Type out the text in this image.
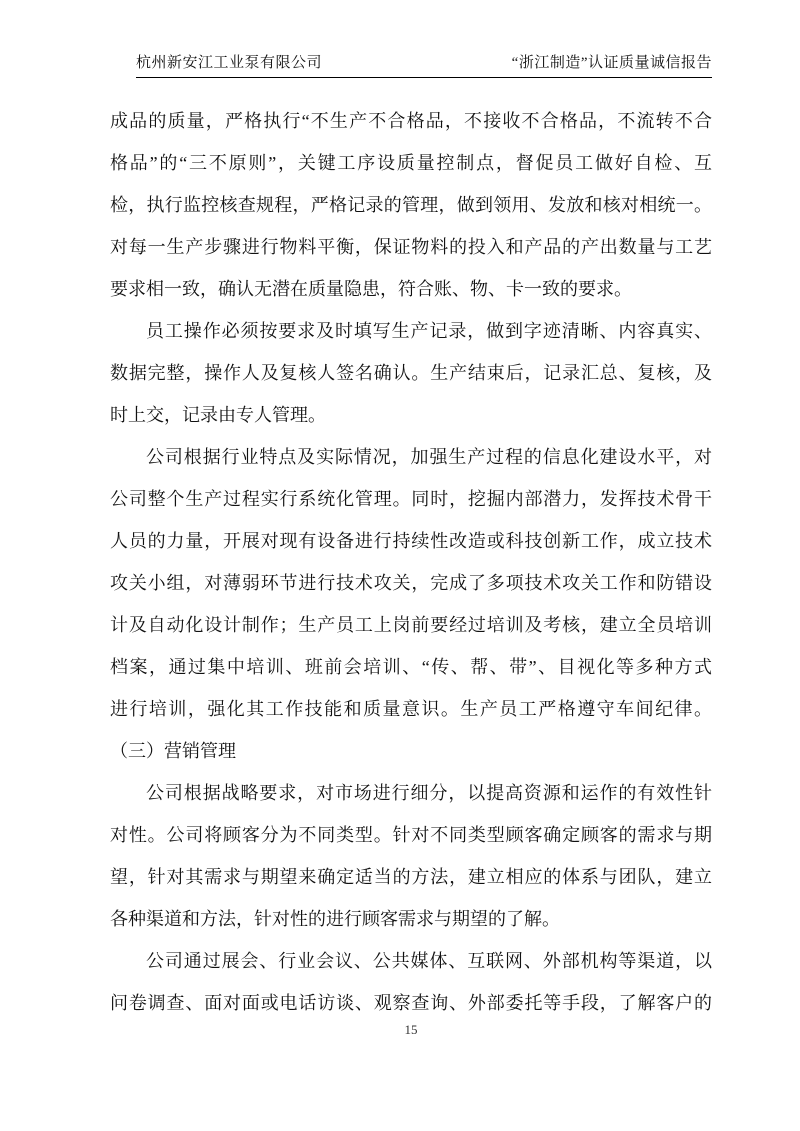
杭州新安江工业泵有限公司	“浙江制造”认证质量诚信报告
成品的质量，严格执行“不生产不合格品，不接收不合格品，不流转不合
格品”的“三不原则”，关键工序设质量控制点，督促员工做好自检、互
检，执行监控核查规程，严格记录的管理，做到领用、发放和核对相统一。
对每一生产步骤进行物料平衡，保证物料的投入和产品的产出数量与工艺
要求相一致，确认无潜在质量隐患，符合账、物、卡一致的要求。
员工操作必须按要求及时填写生产记录，做到字迹清晰、内容真实、
数据完整，操作人及复核人签名确认。生产结束后，记录汇总、复核，及
时上交，记录由专人管理。
公司根据行业特点及实际情况，加强生产过程的信息化建设水平，对
公司整个生产过程实行系统化管理。同时，挖掘内部潜力，发挥技术骨干
人员的力量，开展对现有设备进行持续性改造或科技创新工作，成立技术
攻关小组，对薄弱环节进行技术攻关，完成了多项技术攻关工作和防错设
计及自动化设计制作；生产员工上岗前要经过培训及考核，建立全员培训
档案，通过集中培训、班前会培训、“传、帮、带”、目视化等多种方式
进行培训，强化其工作技能和质量意识。生产员工严格遵守车间纪律。
（三）营销管理
公司根据战略要求，对市场进行细分，以提高资源和运作的有效性针
对性。公司将顾客分为不同类型。针对不同类型顾客确定顾客的需求与期
望，针对其需求与期望来确定适当的方法，建立相应的体系与团队，建立
各种渠道和方法，针对性的进行顾客需求与期望的了解。
公司通过展会、行业会议、公共媒体、互联网、外部机构等渠道，以
问卷调查、面对面或电话访谈、观察查询、外部委托等手段，了解客户的
15
